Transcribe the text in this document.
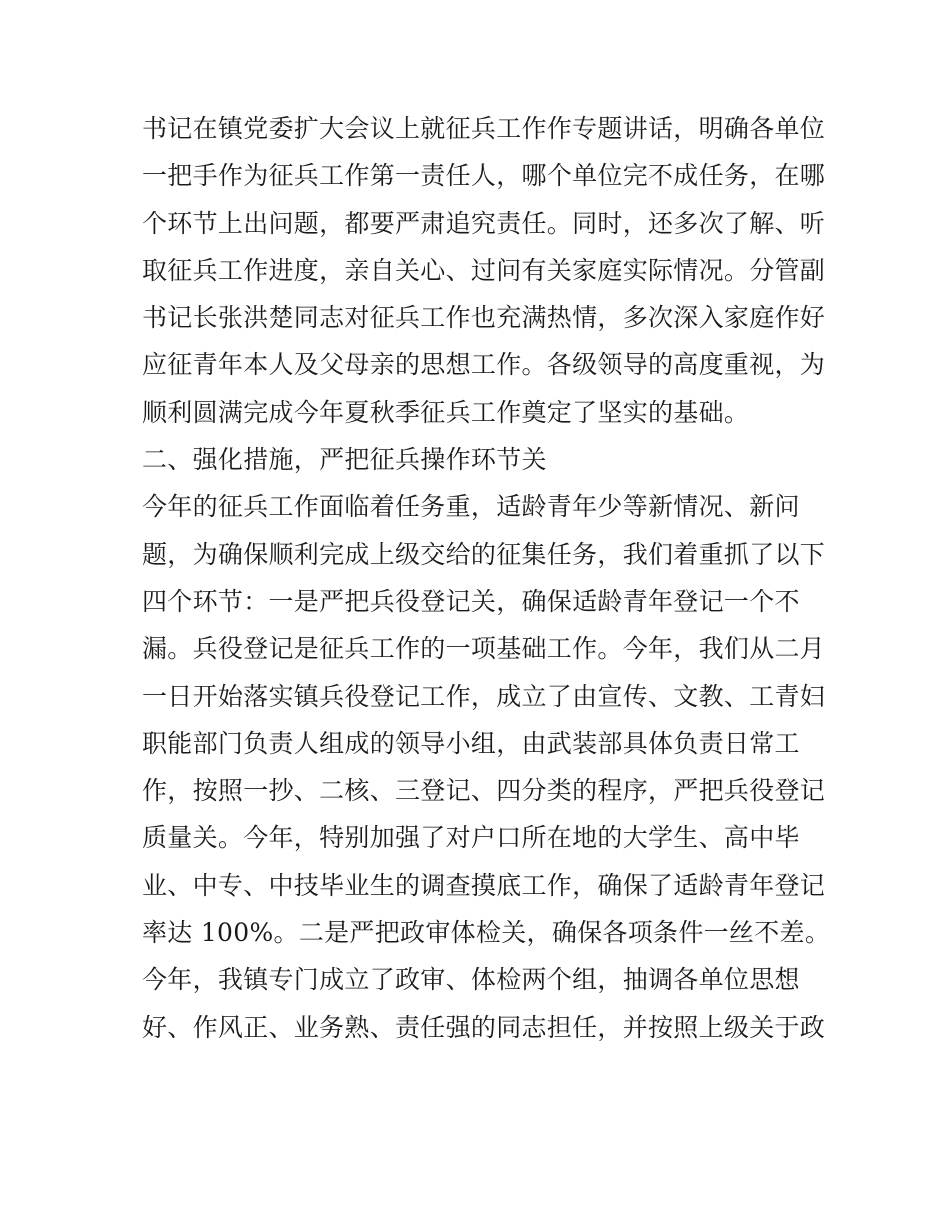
书记在镇党委扩大会议上就征兵工作作专题讲话，明确各单位
一把手作为征兵工作第一责任人，哪个单位完不成任务，在哪
个环节上出问题，都要严肃追究责任。同时，还多次了解、听
取征兵工作进度，亲自关心、过问有关家庭实际情况。分管副
书记长张洪楚同志对征兵工作也充满热情，多次深入家庭作好
应征青年本人及父母亲的思想工作。各级领导的高度重视，为
顺利圆满完成今年夏秋季征兵工作奠定了坚实的基础。
二、强化措施，严把征兵操作环节关
今年的征兵工作面临着任务重，适龄青年少等新情况、新问
题，为确保顺利完成上级交给的征集任务，我们着重抓了以下
四个环节：一是严把兵役登记关，确保适龄青年登记一个不
漏。兵役登记是征兵工作的一项基础工作。今年，我们从二月
一日开始落实镇兵役登记工作，成立了由宣传、文教、工青妇
职能部门负责人组成的领导小组，由武装部具体负责日常工
作，按照一抄、二核、三登记、四分类的程序，严把兵役登记
质量关。今年，特别加强了对户口所在地的大学生、高中毕
业、中专、中技毕业生的调查摸底工作，确保了适龄青年登记
率达 100%。二是严把政审体检关，确保各项条件一丝不差。
今年，我镇专门成立了政审、体检两个组，抽调各单位思想
好、作风正、业务熟、责任强的同志担任，并按照上级关于政
